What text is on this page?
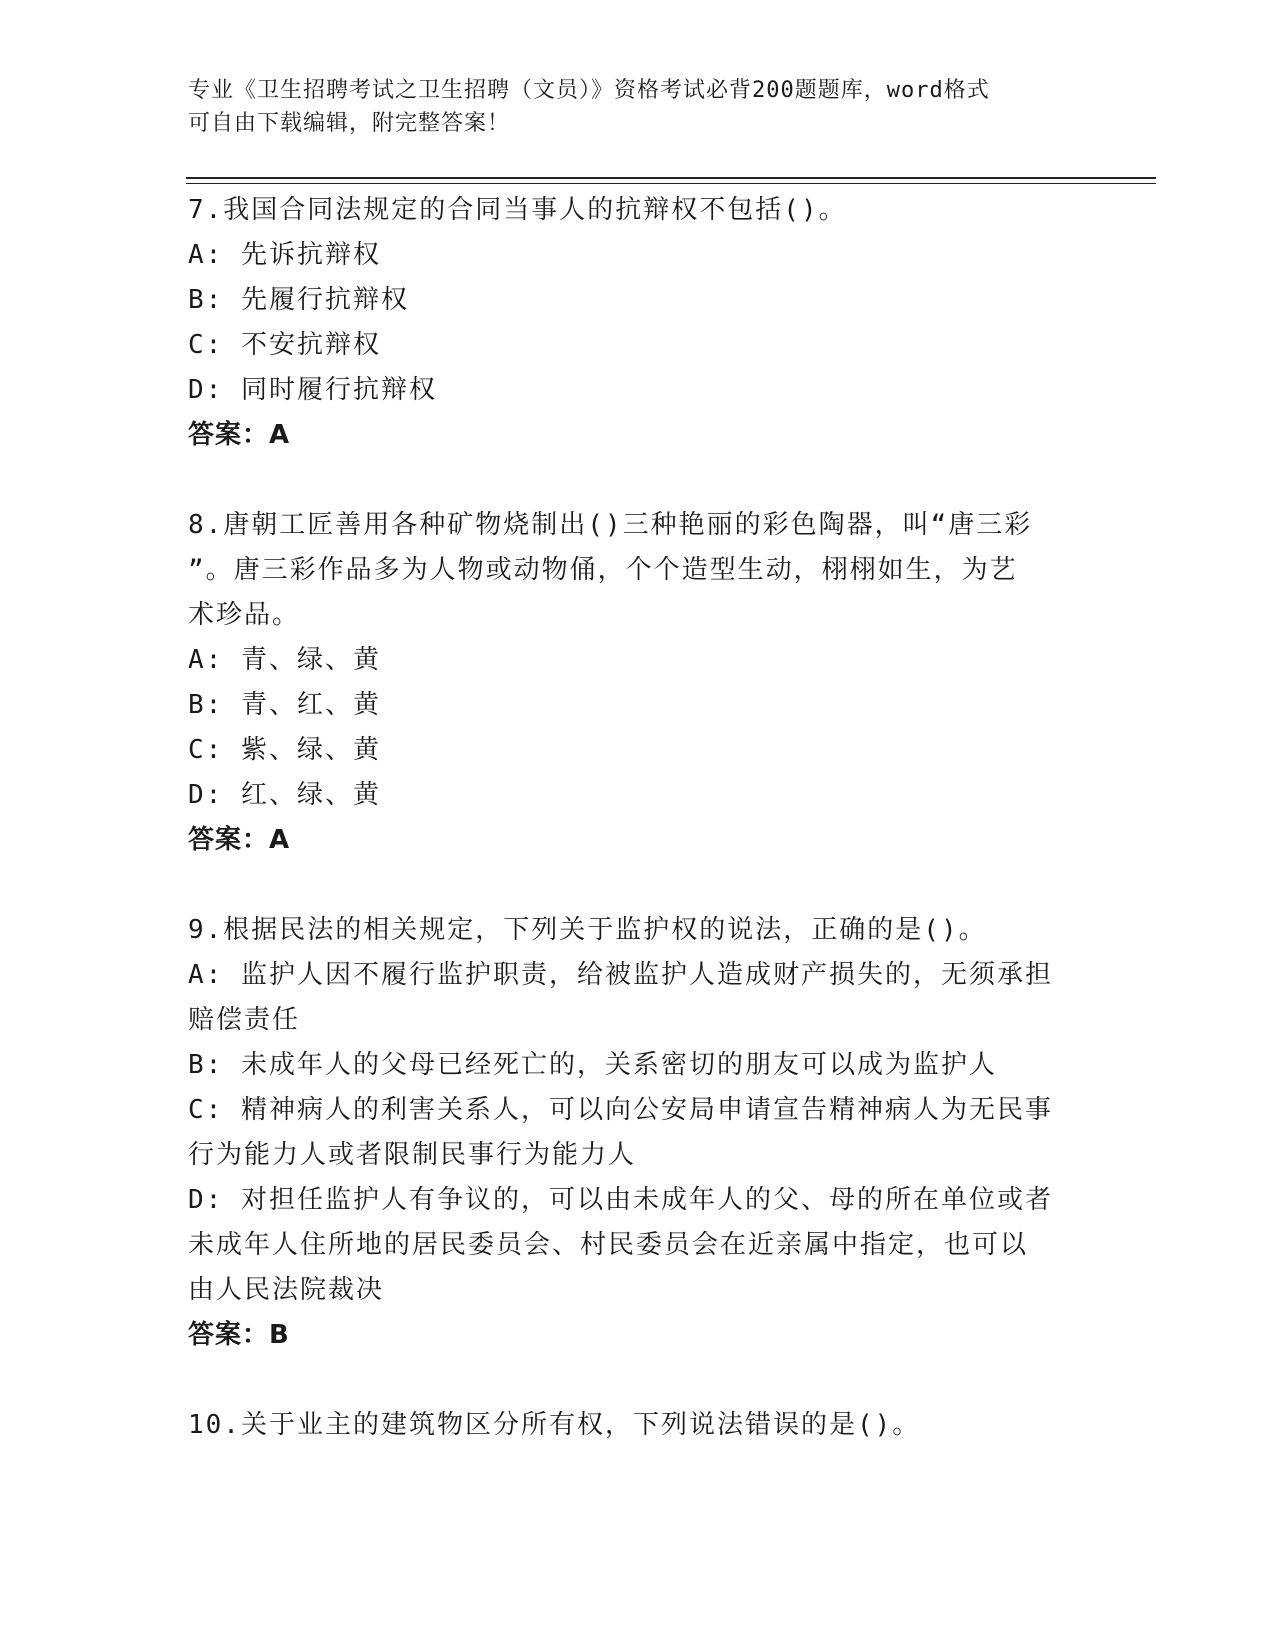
专业《卫生招聘考试之卫生招聘（文员）》资格考试必背200题题库，word格式
可自由下载编辑，附完整答案！
7.我国合同法规定的合同当事人的抗辩权不包括()。
A: 先诉抗辩权
B: 先履行抗辩权
C: 不安抗辩权
D: 同时履行抗辩权
答案：A
8.唐朝工匠善用各种矿物烧制出()三种艳丽的彩色陶器，叫“唐三彩
”。唐三彩作品多为人物或动物俑，个个造型生动，栩栩如生，为艺
术珍品。
A: 青、绿、黄
B: 青、红、黄
C: 紫、绿、黄
D: 红、绿、黄
答案：A
9.根据民法的相关规定，下列关于监护权的说法，正确的是()。
A: 监护人因不履行监护职责，给被监护人造成财产损失的，无须承担
赔偿责任
B: 未成年人的父母已经死亡的，关系密切的朋友可以成为监护人
C: 精神病人的利害关系人，可以向公安局申请宣告精神病人为无民事
行为能力人或者限制民事行为能力人
D: 对担任监护人有争议的，可以由未成年人的父、母的所在单位或者
未成年人住所地的居民委员会、村民委员会在近亲属中指定，也可以
由人民法院裁决
答案：B
10.关于业主的建筑物区分所有权，下列说法错误的是()。
